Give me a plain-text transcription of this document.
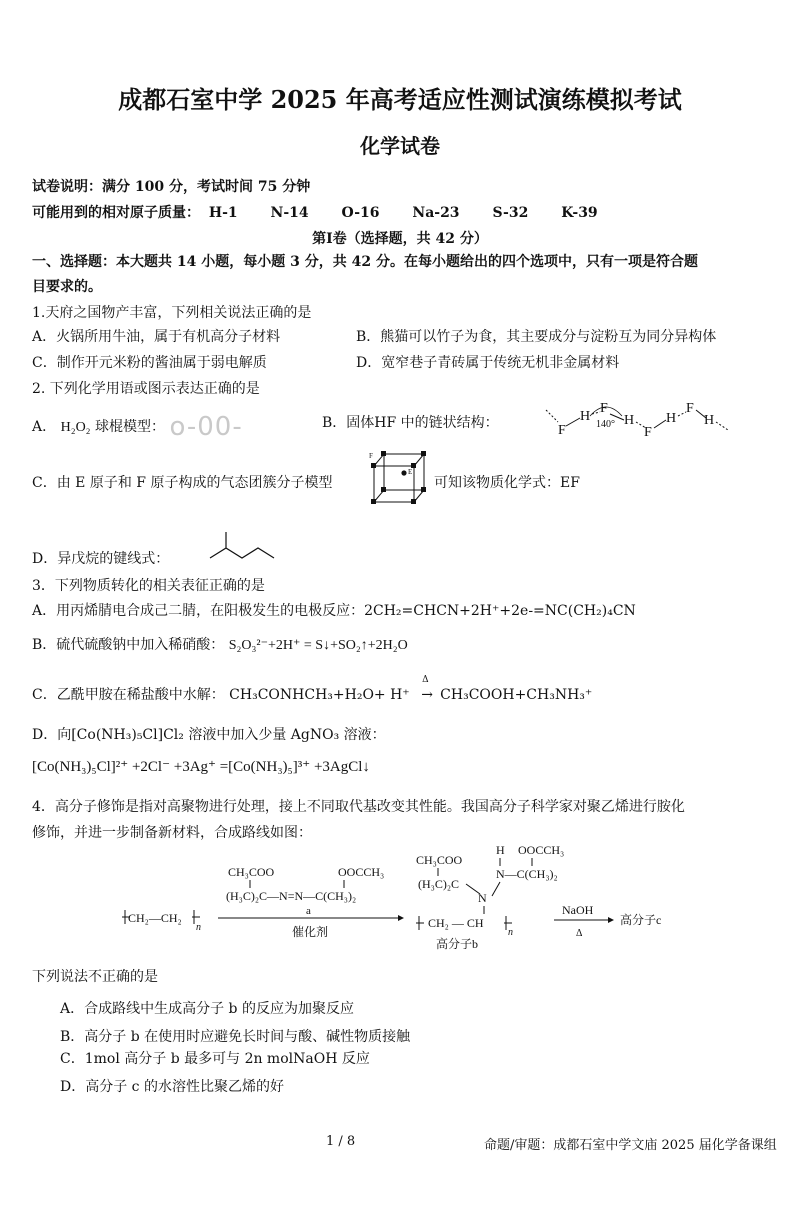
成都石室中学 2025 年高考适应性测试演练模拟考试
化学试卷
试卷说明：满分 100 分，考试时间 75 分钟
可能用到的相对原子质量： H-1 N-14 O-16 Na-23 S-32 K-39
第Ⅰ卷（选择题，共 42 分）
一、选择题：本大题共 14 小题，每小题 3 分，共 42 分。在每小题给出的四个选项中，只有一项是符合题
目要求的。
1.天府之国物产丰富，下列相关说法正确的是
A．火锅所用牛油，属于有机高分子材料	B．熊猫可以竹子为食，其主要成分与淀粉互为同分异构体
C．制作开元米粉的酱油属于弱电解质	D．宽窄巷子青砖属于传统无机非金属材料
2. 下列化学用语或图示表达正确的是
A． H₂O₂ 球棍模型： o-00-	B．固体HF 中的链状结构：	F
H
F
H
140°
F
H
F
H
C．由 E 原子和 F 原子构成的气态团簇分子模型
F
E
可知该物质化学式：EF
D．异戊烷的键线式：
3．下列物质转化的相关表征正确的是
A．用丙烯腈电合成己二腈，在阳极发生的电极反应：2CH₂=CHCN+2H⁺+2e-=NC(CH₂)₄CN
B．硫代硫酸钠中加入稀硝酸： S₂O₃²⁻+2H⁺ = S↓+SO₂↑+2H₂O
C．乙酰甲胺在稀盐酸中水解： CH₃CONHCH₃+H₂O+ H⁺
Δ
→ CH₃COOH+CH₃NH₃⁺
D．向[Co(NH₃)₅Cl]Cl₂ 溶液中加入少量 AgNO₃ 溶液：
[Co(NH₃)₅Cl]²⁺ +2Cl⁻ +3Ag⁺ =[Co(NH₃)₅]³⁺ +3AgCl↓
4．高分子修饰是指对高聚物进行处理，接上不同取代基改变其性能。我国高分子科学家对聚乙烯进行胺化
修饰，并进一步制备新材料，合成路线如图：
CH₂—CH₂
n
CH₃COO	OOCCH₃
(H₃C)₂C—N=N—C(CH₃)₂
a
催化剂
CH₃COO
H OOCCH₃
(H₃C)₂C
N—C(CH₃)₂
N
CH₂ — CH
n
高分子b
NaOH
Δ
高分子c
下列说法不正确的是
A．合成路线中生成高分子 b 的反应为加聚反应
B．高分子 b 在使用时应避免长时间与酸、碱性物质接触
C．1mol 高分子 b 最多可与 2n molNaOH 反应
D．高分子 c 的水溶性比聚乙烯的好
1 / 8	命题/审题：成都石室中学文庙 2025 届化学备课组
